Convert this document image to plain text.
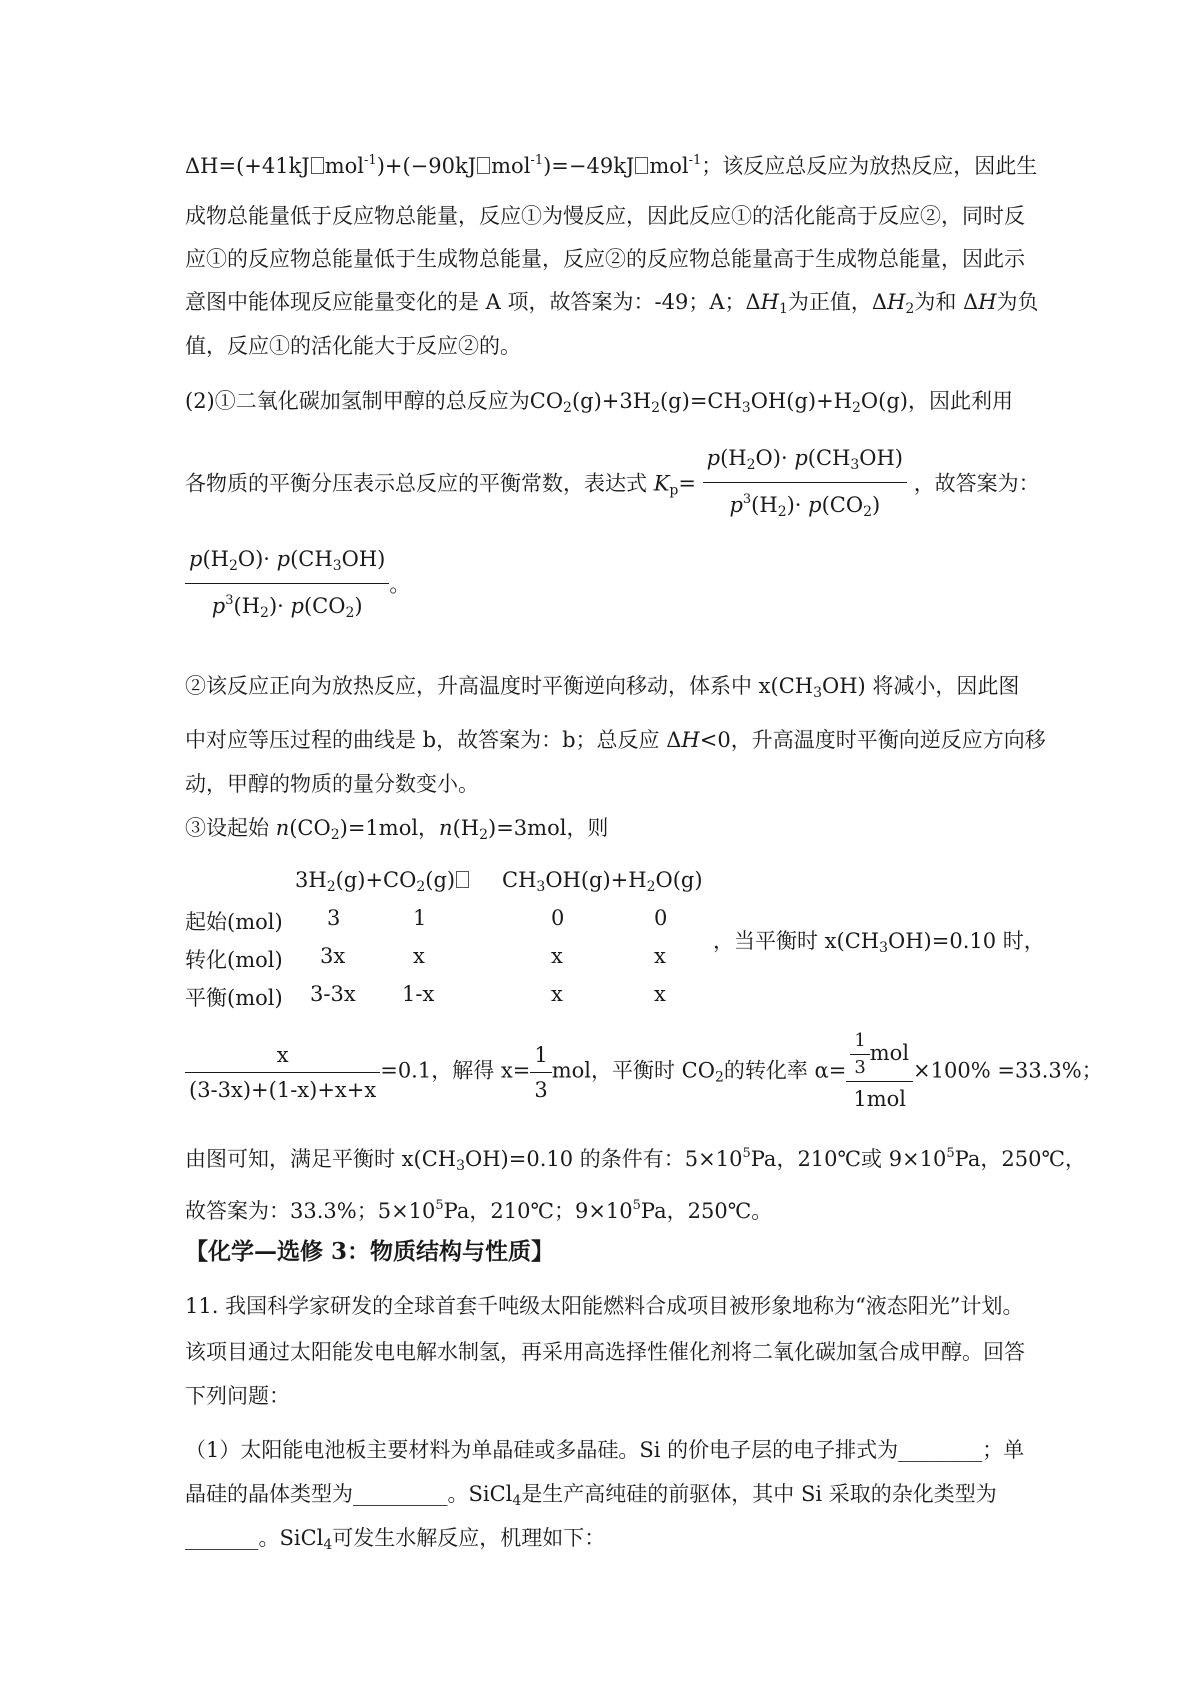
ΔH=(+41kJ mol$^{-1}$)+(−90kJ mol$^{-1}$)=−49kJ mol$^{-1}$；该反应总反应为放热反应，因此生
成物总能量低于反应物总能量，反应①为慢反应，因此反应①的活化能高于反应②，同时反
应①的反应物总能量低于生成物总能量，反应②的反应物总能量高于生成物总能量，因此示
意图中能体现反应能量变化的是 A 项，故答案为：-49；A；$\Delta H_1$为正值，$\Delta H_2$为和 ΔH为负
值，反应①的活化能大于反应②的。
(2)①二氧化碳加氢制甲醇的总反应为$CO_2(g)+3H_2(g)=CH_3OH(g)+H_2O(g)$，因此利用
各物质的平衡分压表示总反应的平衡常数，表达式 $K_p= \frac{p(H_2O)\cdot p(CH_3OH)}{p^3(H_2)\cdot p(CO_2)}$ ，故答案为：
$\frac{p(H_2O)\cdot p(CH_3OH)}{p^3(H_2)\cdot p(CO_2)}$ 。
②该反应正向为放热反应，升高温度时平衡逆向移动，体系中 $x(CH_3OH)$ 将减小，因此图
中对应等压过程的曲线是 b，故答案为：b；总反应 ΔH<0，升高温度时平衡向逆反应方向移
动，甲醇的物质的量分数变小。
③设起始 $n(CO_2)=1mol$，$n(H_2)=3mol$，则
$3H_2(g)+CO_2(g)$	$CH_3OH(g)+H_2O(g)$
起始(mol) 3	1	0	0
转化(mol) 3x	x	x	x
平衡(mol) 3-3x 1-x	x	x
，当平衡时 $x(CH_3OH)=0.10$ 时，
$\frac{x}{(3-3x)+(1-x)+x+x} =0.1$，解得 $x= \frac{1}{3}$ mol，平衡时 $CO_2$的转化率 $\alpha= \frac{\frac{1}{3} mol}{\text{1mol}} \times 100\% =33.3\%$；
由图可知，满足平衡时 $x(CH_3OH)=0.10$ 的条件有：$5\times 10^5Pa$，210℃或 $9\times 10^5Pa$，250℃，
故答案为：33.3%；$5\times 10^5Pa$，210℃；$9\times 10^5Pa$，250℃。
【化学—选修 3：物质结构与性质】
11. 我国科学家研发的全球首套千吨级太阳能燃料合成项目被形象地称为“液态阳光”计划。
该项目通过太阳能发电电解水制氢，再采用高选择性催化剂将二氧化碳加氢合成甲醇。回答
下列问题：
（1）太阳能电池板主要材料为单晶硅或多晶硅。Si 的价电子层的电子排式为________；单
晶硅的晶体类型为_________。SiCl$_4$是生产高纯硅的前驱体，其中 Si 采取的杂化类型为
_______。SiCl$_4$可发生水解反应，机理如下：
